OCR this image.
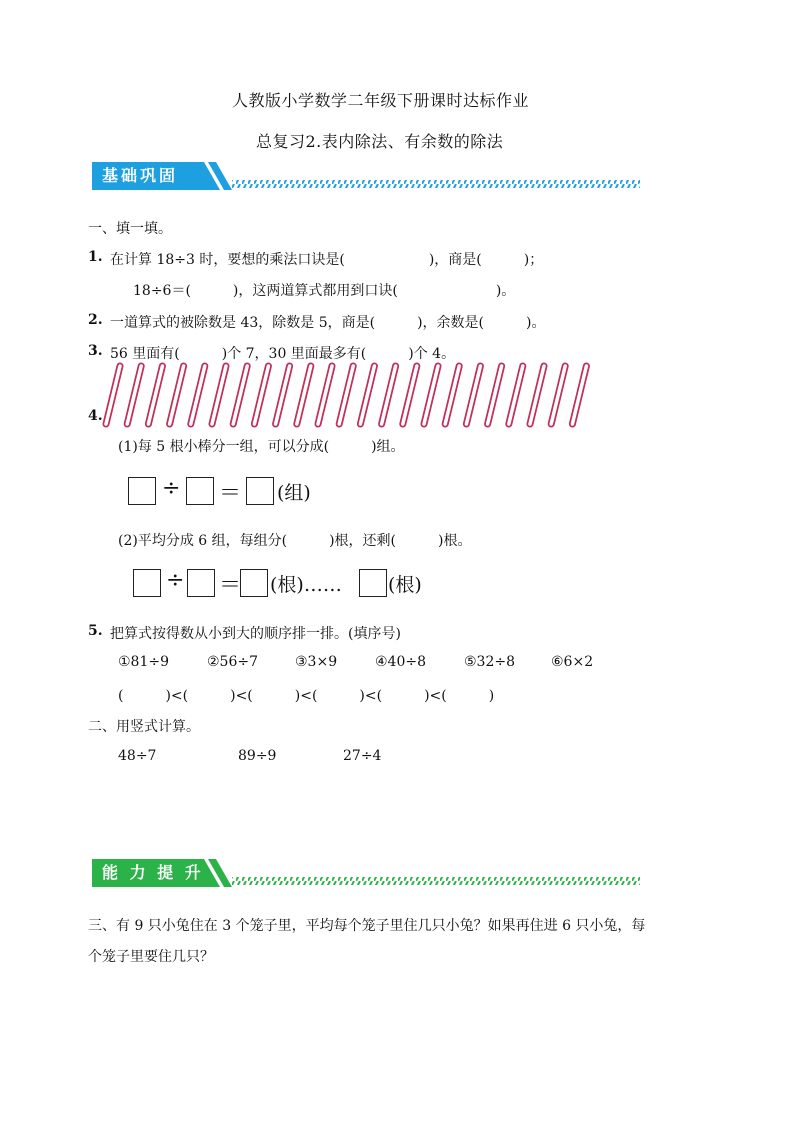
人教版小学数学二年级下册课时达标作业
总复习2.表内除法、有余数的除法
基础巩固
一、填一填。
1. 在计算 18÷3 时，要想的乘法口诀是(　　　　　　)，商是(　　　)；
18÷6＝(　　　)，这两道算式都用到口诀(　　　　　　　)。
2. 一道算式的被除数是 43，除数是 5，商是(　　　)，余数是(　　　)。
3. 56 里面有(　　　)个 7，30 里面最多有(　　　)个 4。
4.
(1)每 5 根小棒分一组，可以分成(　　　)组。
÷ ＝ (组)
(2)平均分成 6 组，每组分(　　　)根，还剩(　　　)根。
÷ ＝ (根)…… (根)
5. 把算式按得数从小到大的顺序排一排。(填序号)
①81÷9	②56÷7	③3×9	④40÷8	⑤32÷8	⑥6×2
(　　　)<(　　　)<(　　　)<(　　　)<(　　　)<(　　　)
二、用竖式计算。
48÷7	89÷9	27÷4
能 力 提 升
三、有 9 只小兔住在 3 个笼子里，平均每个笼子里住几只小兔？如果再住进 6 只小兔，每
个笼子里要住几只？
